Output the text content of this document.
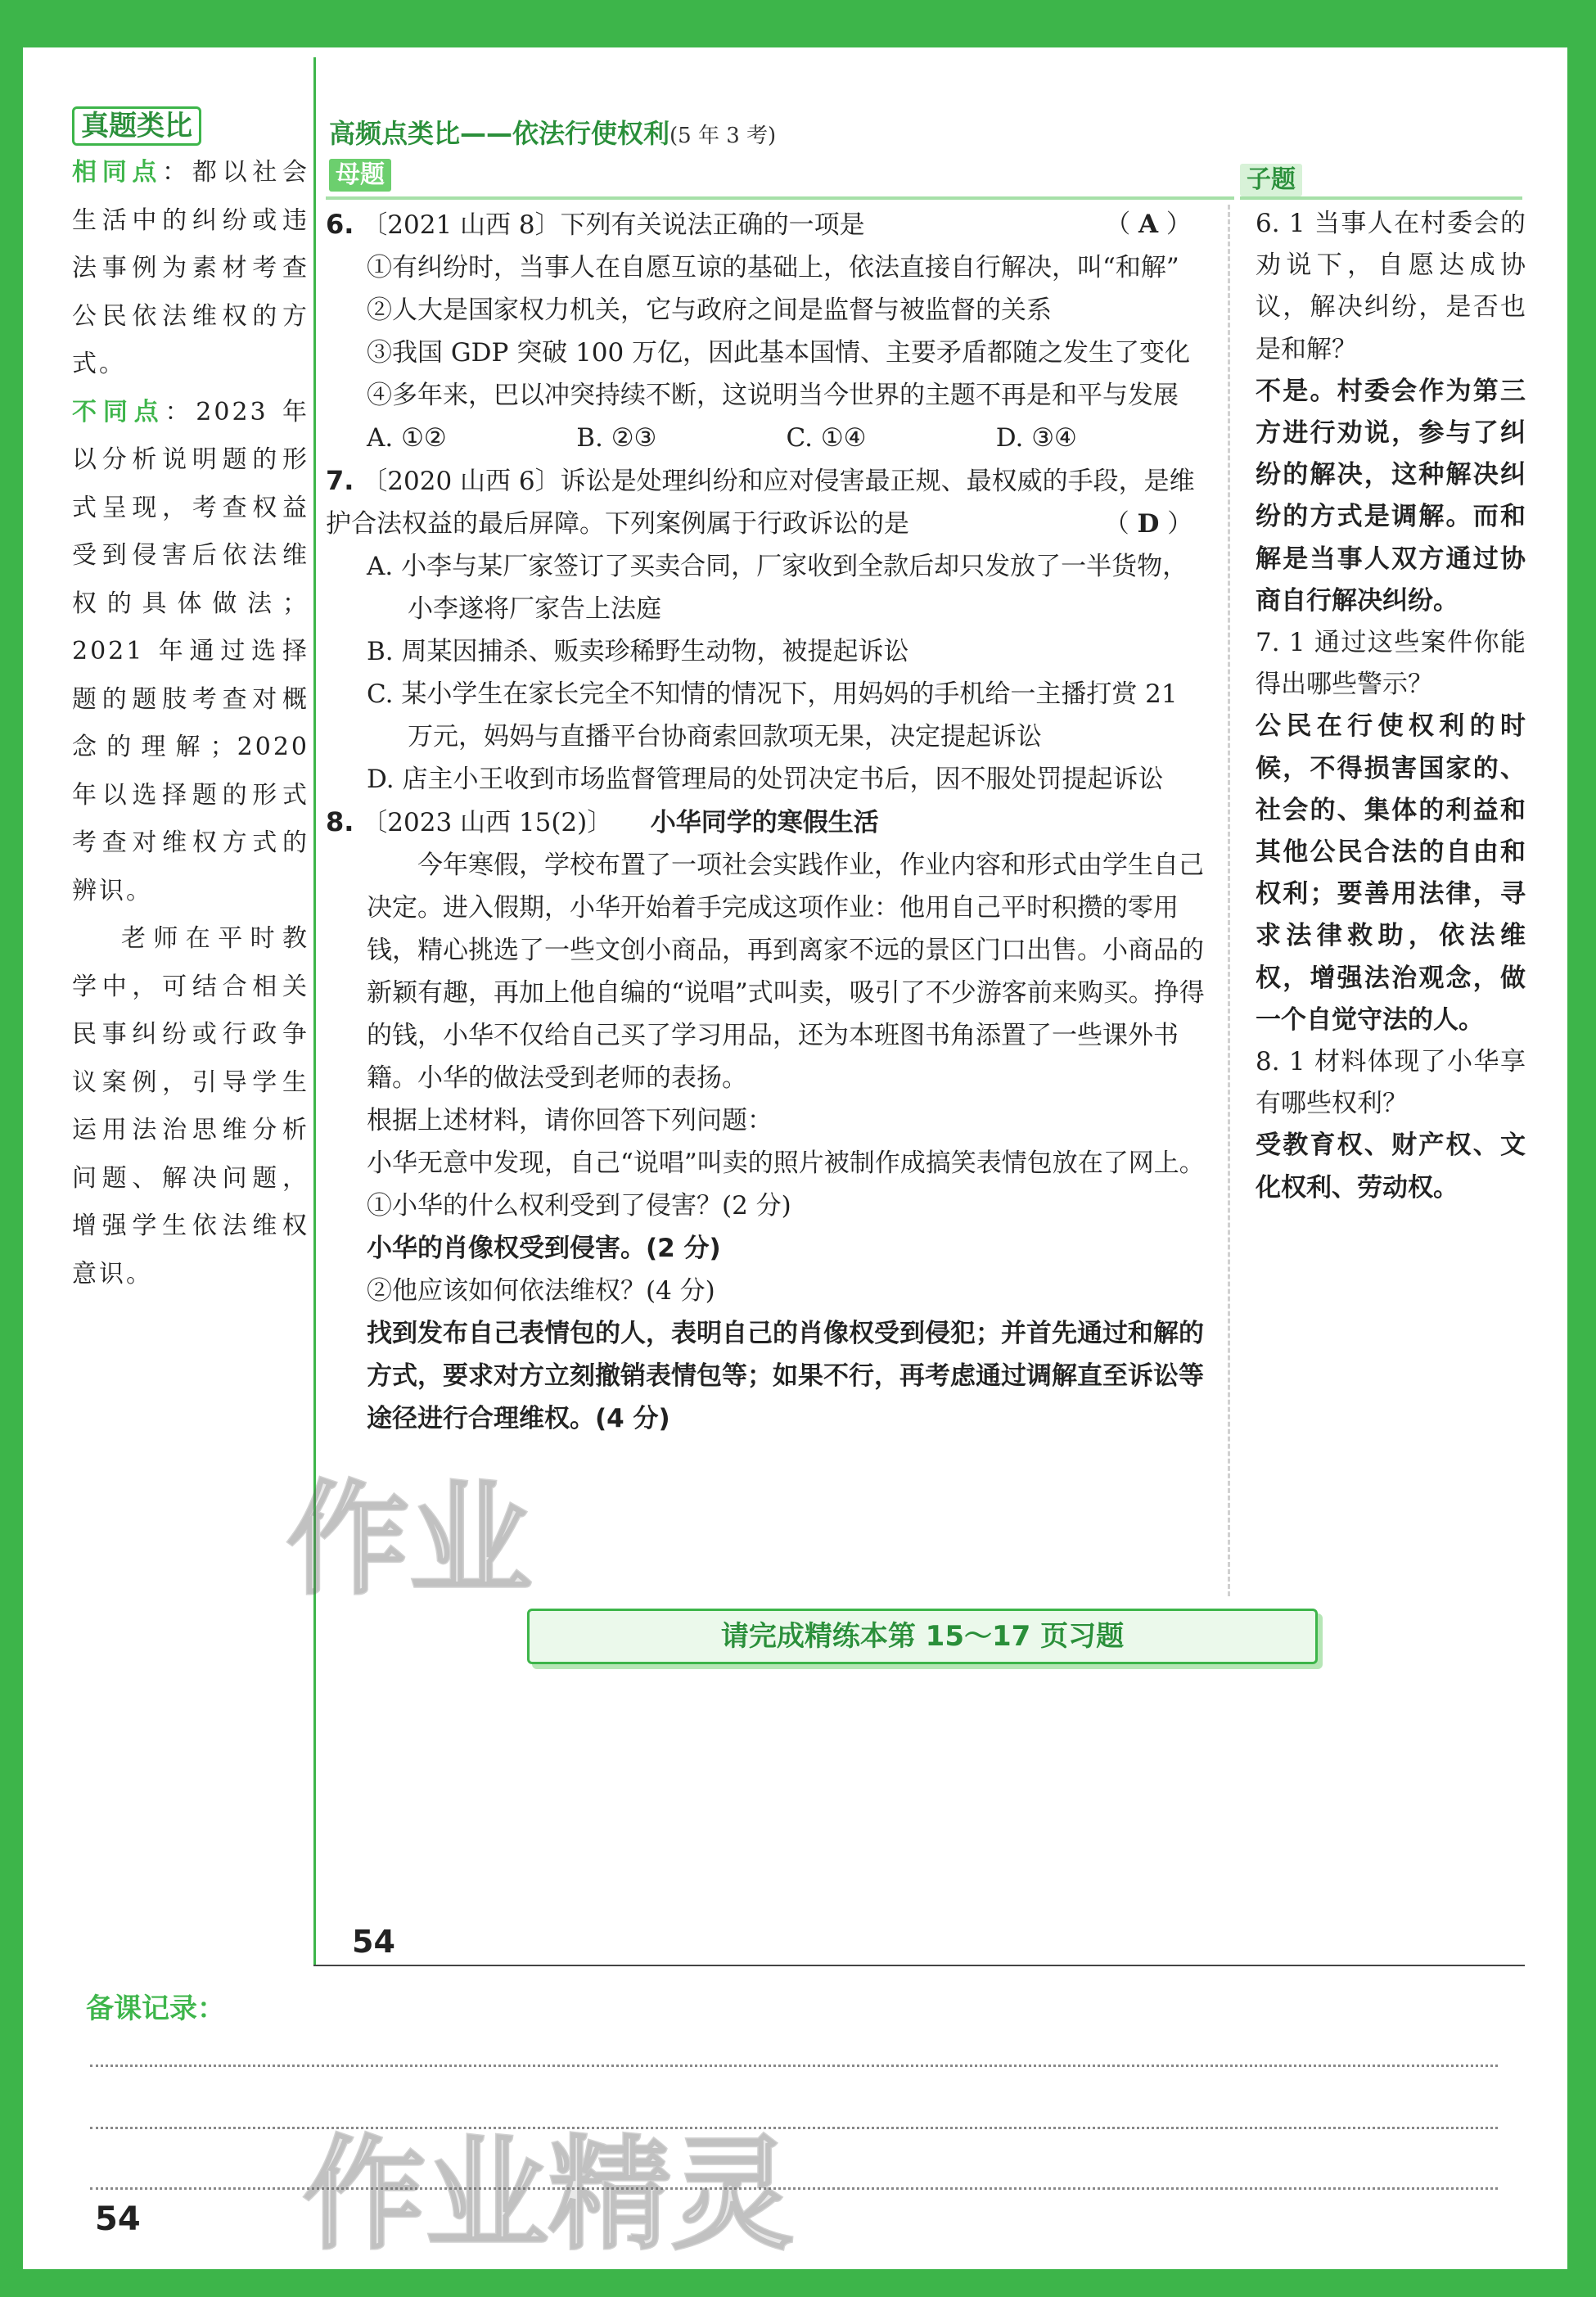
真题类比
相同点：都以社会生活中的纠纷或违法事例为素材考查公民依法维权的方式。
不同点：2023 年以分析说明题的形式呈现，考查权益受到侵害后依法维权的具体做法；2021 年通过选择题的题肢考查对概念的理解；2020 年以选择题的形式考查对维权方式的辨识。
老师在平时教学中，可结合相关民事纠纷或行政争议案例，引导学生运用法治思维分析问题、解决问题，增强学生依法维权意识。
高频点类比——依法行使权利(5 年 3 考)
母题	子题
（ A ）
6. 〔2021 山西 8〕下列有关说法正确的一项是
①有纠纷时，当事人在自愿互谅的基础上，依法直接自行解决，叫“和解”
②人大是国家权力机关，它与政府之间是监督与被监督的关系
③我国 GDP 突破 100 万亿，因此基本国情、主要矛盾都随之发生了变化
④多年来，巴以冲突持续不断，这说明当今世界的主题不再是和平与发展
A. ①②	B. ②③	C. ①④	D. ③④
7. 〔2020 山西 6〕诉讼是处理纠纷和应对侵害最正规、最权威的手段，是维护合法权益的最后屏障。下列案例属于行政诉讼的是	（ D ）
A. 小李与某厂家签订了买卖合同，厂家收到全款后却只发放了一半货物，小李遂将厂家告上法庭
B. 周某因捕杀、贩卖珍稀野生动物，被提起诉讼
C. 某小学生在家长完全不知情的情况下，用妈妈的手机给一主播打赏 21 万元，妈妈与直播平台协商索回款项无果，决定提起诉讼
D. 店主小王收到市场监督管理局的处罚决定书后，因不服处罚提起诉讼
8. 〔2023 山西 15(2)〕　　 小华同学的寒假生活
今年寒假，学校布置了一项社会实践作业，作业内容和形式由学生自己决定。进入假期，小华开始着手完成这项作业：他用自己平时积攒的零用钱，精心挑选了一些文创小商品，再到离家不远的景区门口出售。小商品的新颖有趣，再加上他自编的“说唱”式叫卖，吸引了不少游客前来购买。挣得的钱，小华不仅给自己买了学习用品，还为本班图书角添置了一些课外书籍。小华的做法受到老师的表扬。
根据上述材料，请你回答下列问题：
小华无意中发现，自己“说唱”叫卖的照片被制作成搞笑表情包放在了网上。
①小华的什么权利受到了侵害？(2 分)
小华的肖像权受到侵害。(2 分)
②他应该如何依法维权？(4 分)
找到发布自己表情包的人，表明自己的肖像权受到侵犯；并首先通过和解的方式，要求对方立刻撤销表情包等；如果不行，再考虑通过调解直至诉讼等途径进行合理维权。(4 分)
6. 1 当事人在村委会的劝说下，自愿达成协议，解决纠纷，是否也是和解？
不是。村委会作为第三方进行劝说，参与了纠纷的解决，这种解决纠纷的方式是调解。而和解是当事人双方通过协商自行解决纠纷。
7. 1 通过这些案件你能得出哪些警示？
公民在行使权利的时候，不得损害国家的、社会的、集体的利益和其他公民合法的自由和权利；要善用法律，寻求法律救助，依法维权，增强法治观念，做一个自觉守法的人。
8. 1 材料体现了小华享有哪些权利？
受教育权、财产权、文化权利、劳动权。
请完成精练本第 15～17 页习题
54
备课记录：
54
作业
作业精灵
